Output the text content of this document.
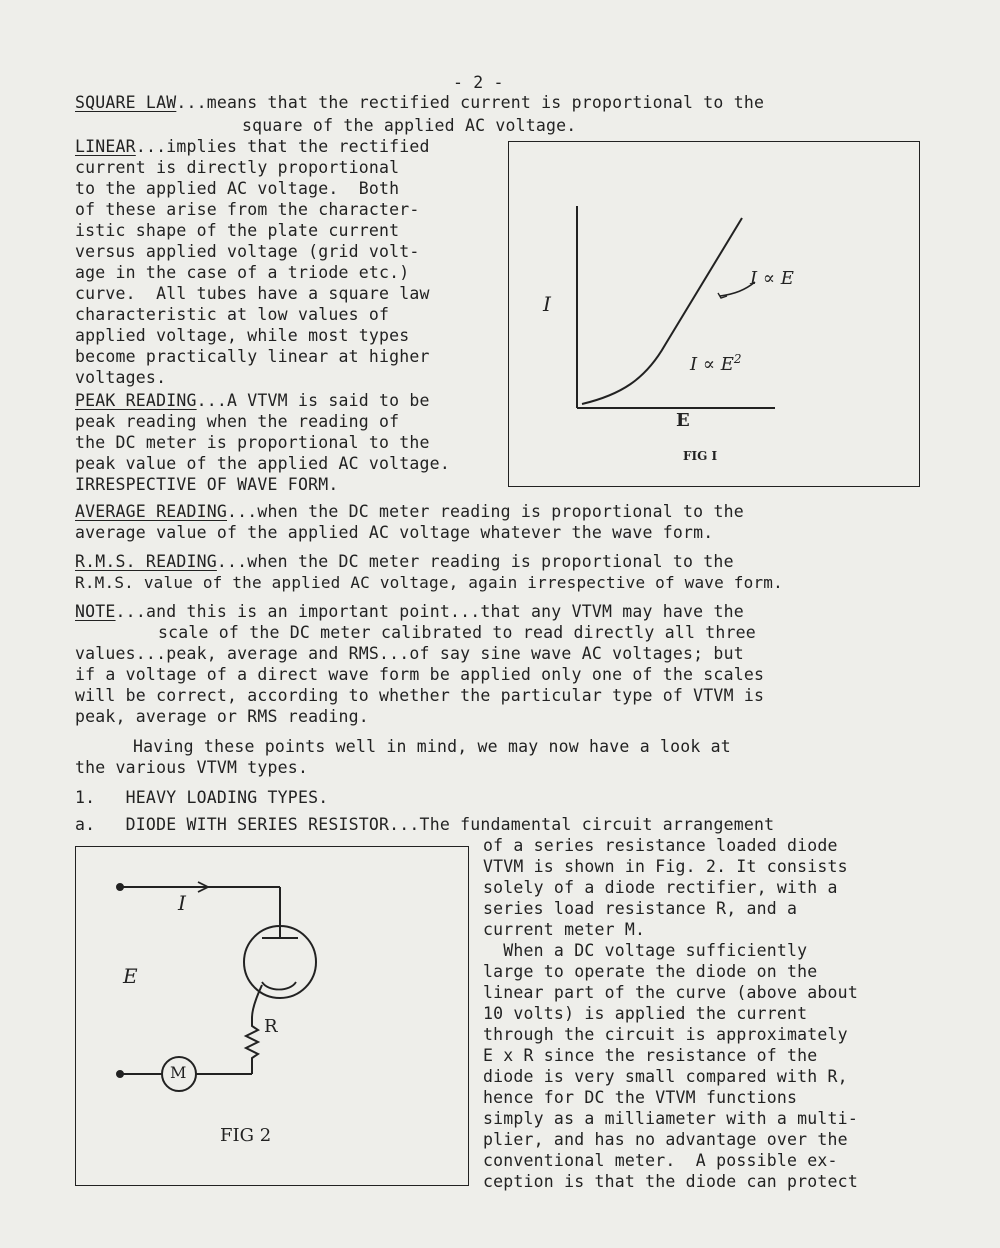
- 2 -
SQUARE LAW...means that the rectified current is proportional to the
square of the applied AC voltage.
LINEAR...implies that the rectified
current is directly proportional
to the applied AC voltage.  Both
of these arise from the character-
istic shape of the plate current
versus applied voltage (grid volt-
age in the case of a triode etc.)
curve.  All tubes have a square law
characteristic at low values of
applied voltage, while most types
become practically linear at higher
voltages.
PEAK READING...A VTVM is said to be
peak reading when the reading of
the DC meter is proportional to the
peak value of the applied AC voltage.
IRRESPECTIVE OF WAVE FORM.
I
I ∝ E
$I \propto E^2$
E
FIG I
AVERAGE READING...when the DC meter reading is proportional to the
average value of the applied AC voltage whatever the wave form.
R.M.S. READING...when the DC meter reading is proportional to the
R.M.S. value of the applied AC voltage, again irrespective of wave form.
NOTE...and this is an important point...that any VTVM may have the
scale of the DC meter calibrated to read directly all three
values...peak, average and RMS...of say sine wave AC voltages; but
if a voltage of a direct wave form be applied only one of the scales
will be correct, according to whether the particular type of VTVM is
peak, average or RMS reading.
Having these points well in mind, we may now have a look at
the various VTVM types.
1.   HEAVY LOADING TYPES.
a.   DIODE WITH SERIES RESISTOR...The fundamental circuit arrangement
of a series resistance loaded diode
VTVM is shown in Fig. 2. It consists
solely of a diode rectifier, with a
series load resistance R, and a
current meter M.
When a DC voltage sufficiently
large to operate the diode on the
linear part of the curve (above about
10 volts) is applied the current
through the circuit is approximately
E x R since the resistance of the
diode is very small compared with R,
hence for DC the VTVM functions
simply as a milliameter with a multi-
plier, and has no advantage over the
conventional meter.  A possible ex-
ception is that the diode can protect
I
E
R
M
FIG 2
